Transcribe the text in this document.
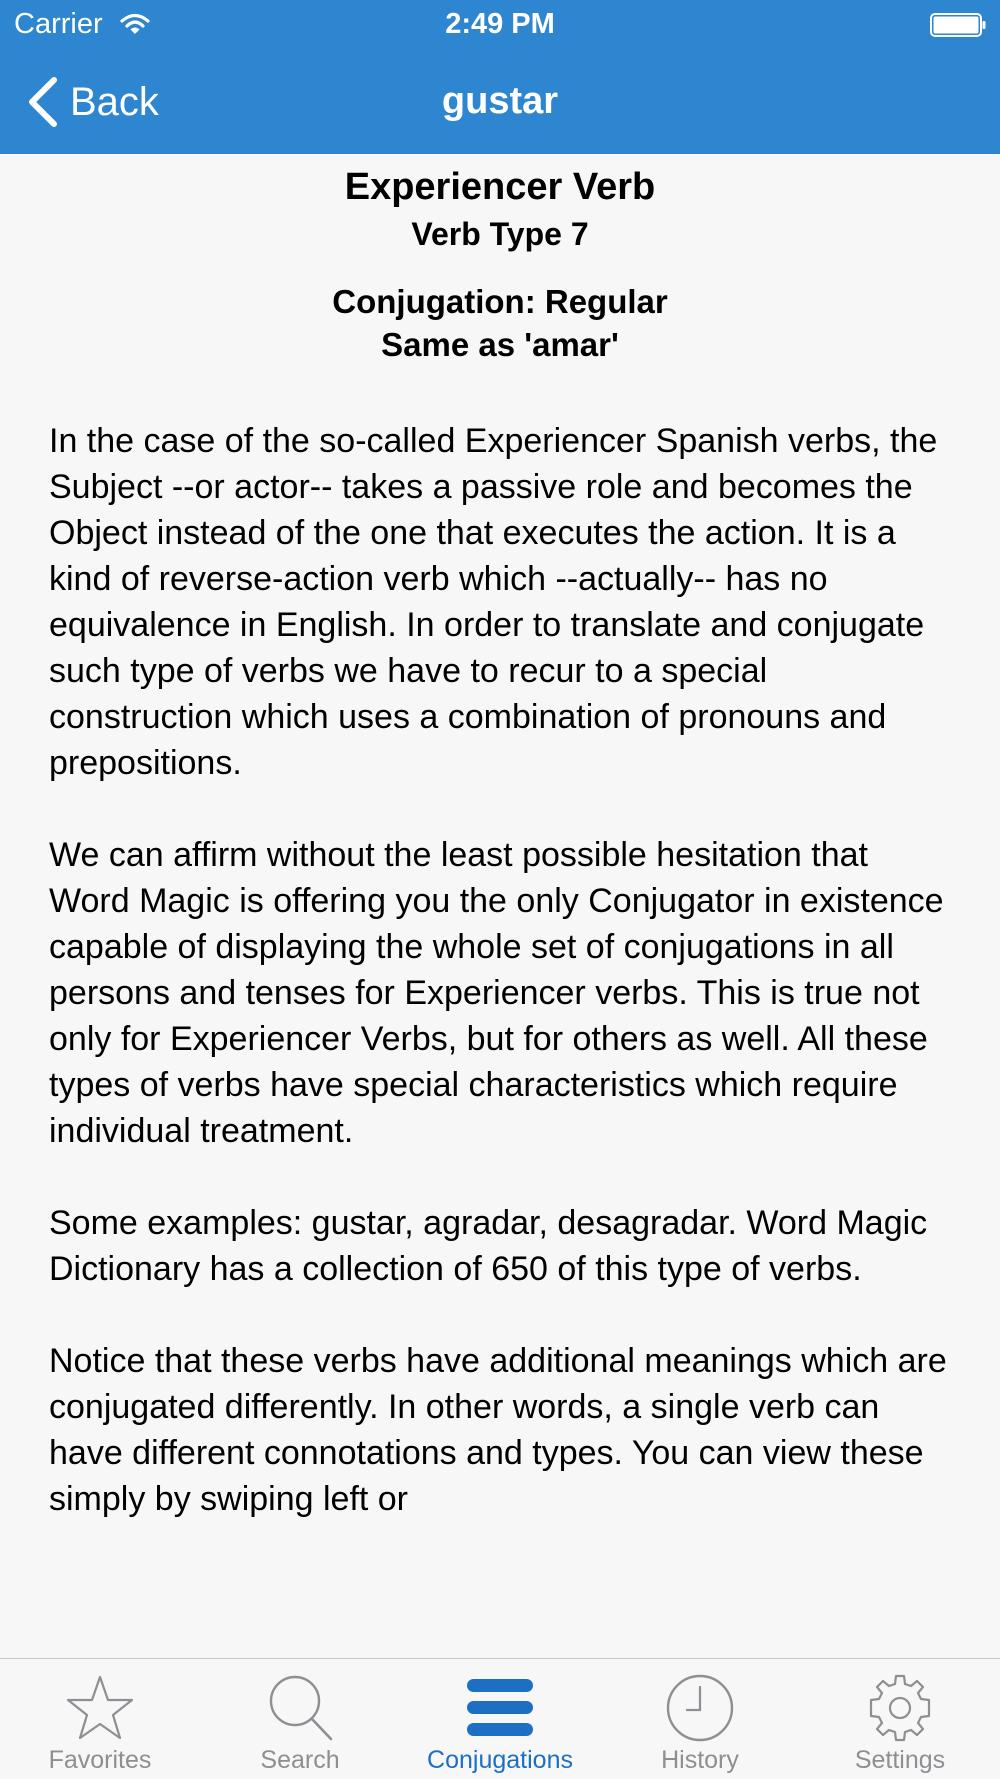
Carrier	2:49 PM
Back	gustar
Experiencer Verb
Verb Type 7
Conjugation: Regular
Same as 'amar'

In the case of the so-called Experiencer Spanish verbs, the Subject --or actor-- takes a passive role and becomes the Object instead of the one that executes the action. It is a kind of reverse-action verb which --actually-- has no equivalence in English. In order to translate and conjugate such type of verbs we have to recur to a special construction which uses a combination of pronouns and prepositions.

We can affirm without the least possible hesitation that Word Magic is offering you the only Conjugator in existence capable of displaying the whole set of conjugations in all persons and tenses for Experiencer verbs. This is true not only for Experiencer Verbs, but for others as well. All these types of verbs have special characteristics which require individual treatment.

Some examples: gustar, agradar, desagradar. Word Magic Dictionary has a collection of 650 of this type of verbs.

Notice that these verbs have additional meanings which are conjugated differently. In other words, a single verb can have different connotations and types. You can view these simply by swiping left or

Favorites	Search	Conjugations	History	Settings
